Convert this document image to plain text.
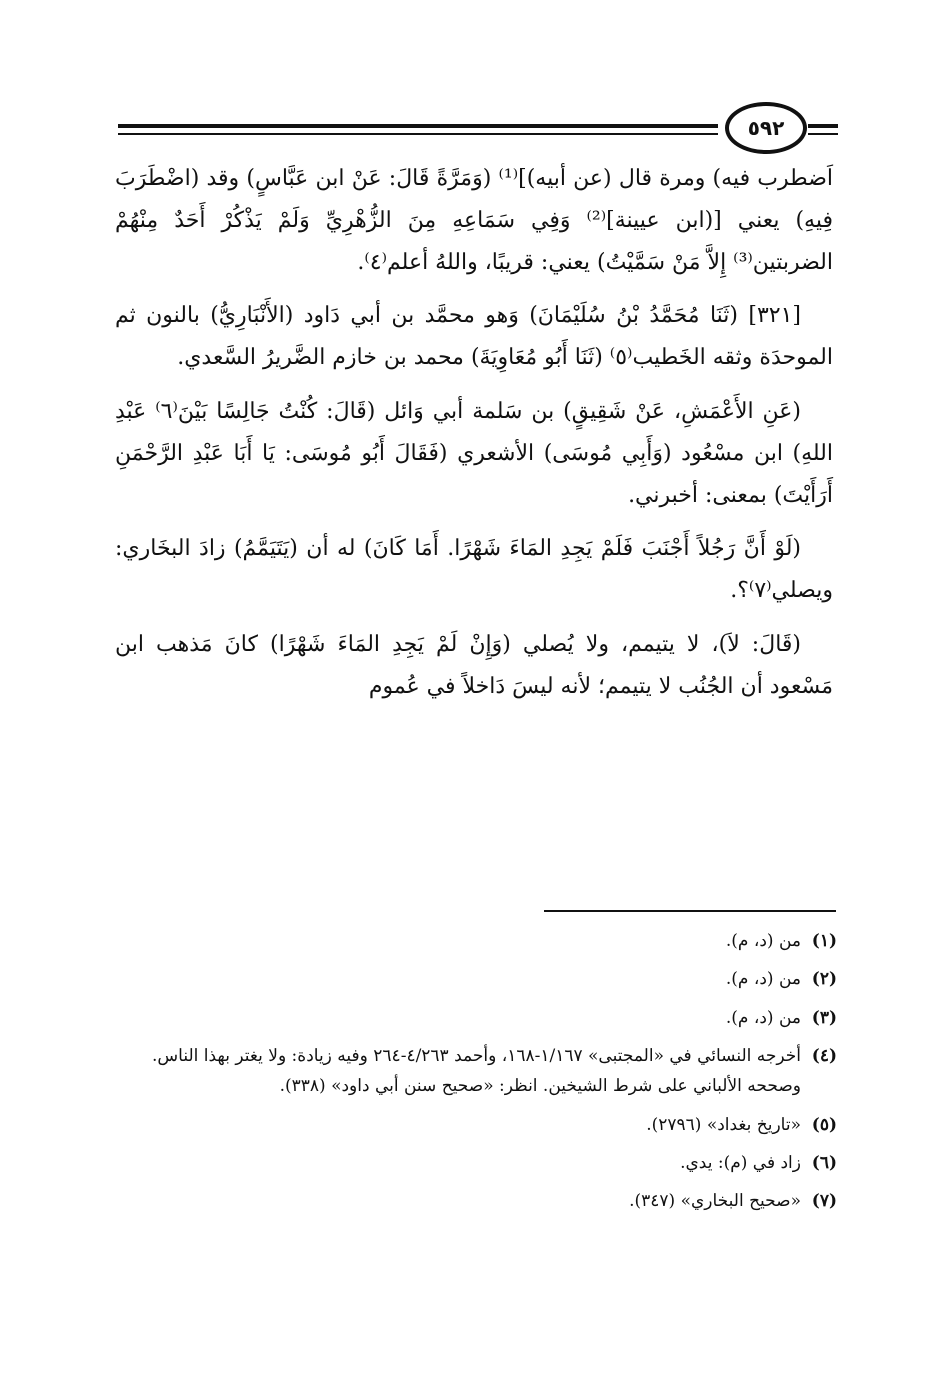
٥٩٢

اَضطرب فيه) ومرة قال (عن أبيه)]⁽¹⁾ (وَمَرَّةً قَالَ: عَنْ ابن عَبَّاسٍ) وقد (اضْطَرَبَ فِيهِ) يعني [(ابن عيينة]⁽²⁾ وَفِي سَمَاعِهِ مِنَ الزُّهْرِيِّ وَلَمْ يَذْكُرْ أَحَدٌ مِنْهُمْ الضربتين⁽³⁾ إِلاَّ مَنْ سَمَّيْتُ) يعني: قريبًا، واللهُ أعلم⁽٤⁾.

[٣٢١] (ثَنَا مُحَمَّدُ بْنُ سُلَيْمَانَ) وَهو محمَّد بن أبي دَاود (الأَنْبَارِيُّ) بالنون ثم الموحدَة وثقه الخَطيب⁽٥⁾ (ثَنَا أَبُو مُعَاوِيَةَ) محمد بن خازم الضَّريرُ السَّعدي.

(عَنِ الأَعْمَشِ، عَنْ شَقِيقٍ) بن سَلمة أبي وَائل (قَالَ: كُنْتُ جَالِسًا بَيْنَ⁽٦⁾ عَبْدِ اللهِ) ابن مسْعُود (وَأَبِي مُوسَى) الأشعري (فَقَالَ أَبُو مُوسَى: يَا أَبَا عَبْدِ الرَّحْمَنِ أَرَأَيْتَ) بمعنى: أخبرني.

(لَوْ أَنَّ رَجُلاً أَجْنَبَ فَلَمْ يَجِدِ المَاءَ شَهْرًا. أَمَا كَانَ) له أن (يَتَيَمَّمُ) زادَ البخَاري: ويصلي⁽٧⁾؟.

(قَالَ: لاَ)، لا يتيمم، ولا يُصلي (وَإِنْ لَمْ يَجِدِ المَاءَ شَهْرًا) كانَ مَذهب ابن مَسْعود أن الجُنُب لا يتيمم؛ لأنه ليسَ دَاخلاً في عُموم

(١)
من (د، م).
(٢)
من (د، م).
(٣)
من (د، م).
(٤)
أخرجه النسائي في «المجتبى» ١/١٦٧-١٦٨، وأحمد ٤/٢٦٣-٢٦٤ وفيه زيادة: ولا يغتر بهذا الناس.
وصححه الألباني على شرط الشيخين. انظر: «صحيح سنن أبي داود» (٣٣٨).
(٥)
«تاريخ بغداد» (٢٧٩٦).
(٦)
زاد في (م): يدي.
(٧)
«صحيح البخاري» (٣٤٧).
